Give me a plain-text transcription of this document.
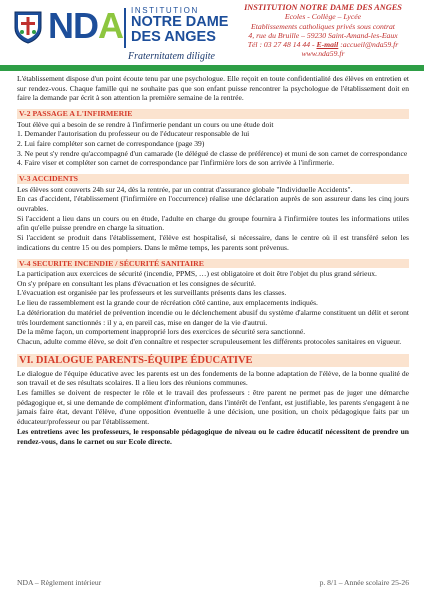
NDA INSTITUTION
NOTRE DAME DES ANGES
Fraternitatem diligite
INSTITUTION NOTRE DAME DES ANGES
Ecoles - Collège – Lycée
Etablissements catholiques privés sous contrat
4, rue du Bruille – 59230 Saint-Amand-les-Eaux
Tél : 03 27 48 14 44 - E-mail :accueil@nda59.fr
www.nda59.fr

L'établissement dispose d'un point écoute tenu par une psychologue. Elle reçoit en toute confidentialité des élèves en entretien et sur rendez-vous. Chaque famille qui ne souhaite pas que son enfant puisse rencontrer la psychologue de l'établissement doit en faire la demande par écrit à son attention la première semaine de la rentrée.

V-2 PASSAGE A L'INFIRMERIE

Tout élève qui a besoin de se rendre à l'infirmerie pendant un cours ou une étude doit

1. Demander l'autorisation du professeur ou de l'éducateur responsable de lui

2. Lui faire compléter son carnet de correspondance (page 39)

3. Ne peut s'y rendre qu'accompagné d'un camarade (le délégué de classe de préférence) et muni de son carnet de correspondance

4. Faire viser et compléter son carnet de correspondance par l'infirmière lors de son arrivée à l'infirmerie.

V-3 ACCIDENTS

Les élèves sont couverts 24h sur 24, dès la rentrée, par un contrat d'assurance globale "Individuelle Accidents".

En cas d'accident, l'établissement (l'infirmière en l'occurrence) réalise une déclaration auprès de son assureur dans les cinq jours ouvrables.

Si l'accident a lieu dans un cours ou en étude, l'adulte en charge du groupe fournira à l'infirmière toutes les informations utiles afin qu'elle puisse prendre en charge la situation.

Si l'accident se produit dans l'établissement, l'élève est hospitalisé, si nécessaire, dans le centre où il est transféré selon les indications du centre 15 ou des pompiers. Dans le même temps, les parents sont prévenus.

V-4 SECURITE INCENDIE / SÉCURITÉ SANITAIRE

La participation aux exercices de sécurité (incendie, PPMS, …) est obligatoire et doit être l'objet du plus grand sérieux.

On s'y prépare en consultant les plans d'évacuation et les consignes de sécurité.

L'évacuation est organisée par les professeurs et les surveillants présents dans les classes.

Le lieu de rassemblement est la grande cour de récréation côté cantine, aux emplacements indiqués.

La détérioration du matériel de prévention incendie ou le déclenchement abusif du système d'alarme constituent un délit et seront très lourdement sanctionnés : il y a, en pareil cas, mise en danger de la vie d'autrui.

De la même façon, un comportement inapproprié lors des exercices de sécurité sera sanctionné.

Chacun, adulte comme élève, se doit d'en connaître et respecter scrupuleusement les différents protocoles sanitaires en vigueur.

VI. DIALOGUE PARENTS-ÉQUIPE ÉDUCATIVE

Le dialogue de l'équipe éducative avec les parents est un des fondements de la bonne adaptation de l'élève, de la bonne qualité de son travail et de ses résultats scolaires. Il a lieu lors des réunions communes.

Les familles se doivent de respecter le rôle et le travail des professeurs : être parent ne permet pas de juger une démarche pédagogique et, si une demande de complément d'information, dans l'intérêt de l'enfant, est justifiable, les parents s'engagent à ne jamais faire état, devant l'élève, d'une opposition éventuelle à une décision, une position, un choix pédagogique faits par un éducateur/professeur ou par l'établissement.

Les entretiens avec les professeurs, le responsable pédagogique de niveau ou le cadre éducatif nécessitent de prendre un rendez-vous, dans le carnet ou sur Ecole directe.

NDA – Règlement intérieur	p. 8/1 – Année scolaire 25-26
